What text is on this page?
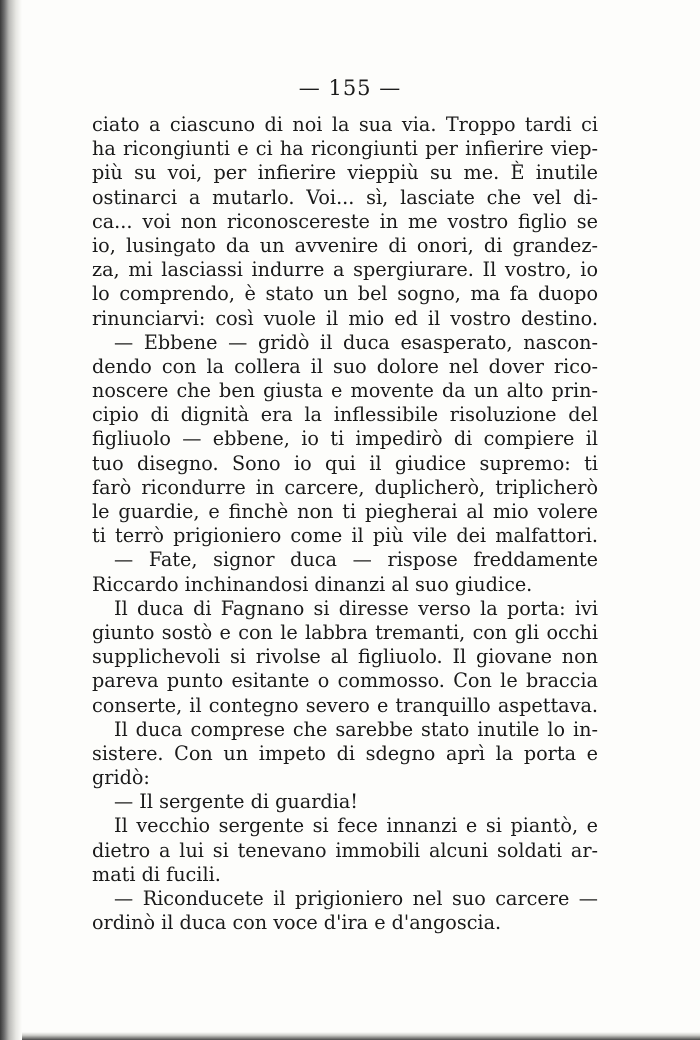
— 155 —
ciato a ciascuno di noi la sua via. Troppo tardi ci
ha ricongiunti e ci ha ricongiunti per infierire viep-
più su voi, per infierire vieppiù su me. È inutile
ostinarci a mutarlo. Voi... sì, lasciate che vel di-
ca... voi non riconoscereste in me vostro figlio se
io, lusingato da un avvenire di onori, di grandez-
za, mi lasciassi indurre a spergiurare. Il vostro, io
lo comprendo, è stato un bel sogno, ma fa duopo
rinunciarvi: così vuole il mio ed il vostro destino.
— Ebbene — gridò il duca esasperato, nascon-
dendo con la collera il suo dolore nel dover rico-
noscere che ben giusta e movente da un alto prin-
cipio di dignità era la inflessibile risoluzione del
figliuolo — ebbene, io ti impedirò di compiere il
tuo disegno. Sono io qui il giudice supremo: ti
farò ricondurre in carcere, duplicherò, triplicherò
le guardie, e finchè non ti piegherai al mio volere
ti terrò prigioniero come il più vile dei malfattori.
— Fate, signor duca — rispose freddamente
Riccardo inchinandosi dinanzi al suo giudice.
Il duca di Fagnano si diresse verso la porta: ivi
giunto sostò e con le labbra tremanti, con gli occhi
supplichevoli si rivolse al figliuolo. Il giovane non
pareva punto esitante o commosso. Con le braccia
conserte, il contegno severo e tranquillo aspettava.
Il duca comprese che sarebbe stato inutile lo in-
sistere. Con un impeto di sdegno aprì la porta e
gridò:
— Il sergente di guardia!
Il vecchio sergente si fece innanzi e si piantò, e
dietro a lui si tenevano immobili alcuni soldati ar-
mati di fucili.
— Riconducete il prigioniero nel suo carcere —
ordinò il duca con voce d'ira e d'angoscia.
